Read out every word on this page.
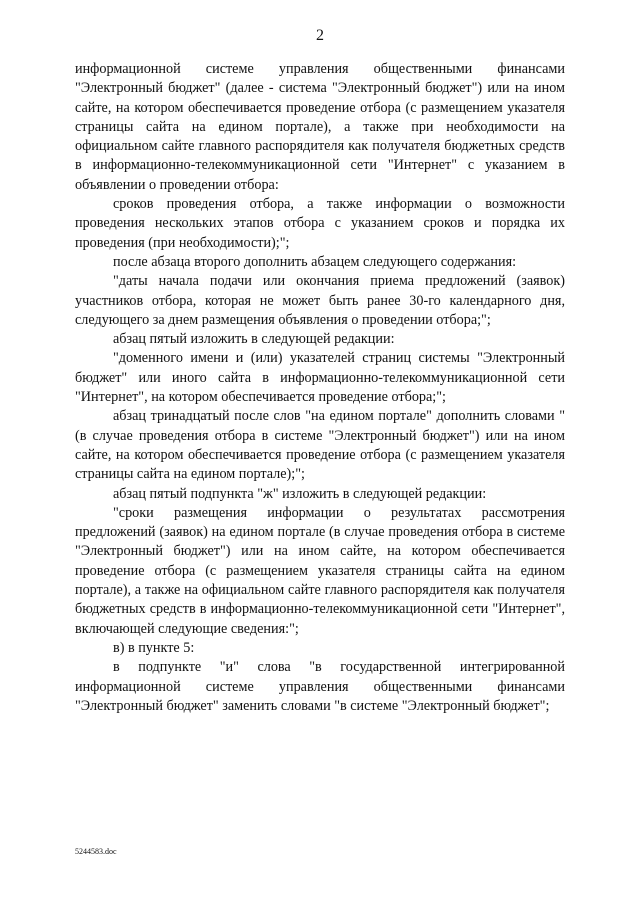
2

информационной системе управления общественными финансами "Электронный бюджет" (далее - система "Электронный бюджет") или на ином сайте, на котором обеспечивается проведение отбора (с размещением указателя страницы сайта на едином портале), а также при необходимости на официальном сайте главного распорядителя как получателя бюджетных средств в информационно-телекоммуникационной сети "Интернет" с указанием в объявлении о проведении отбора:

сроков проведения отбора, а также информации о возможности проведения нескольких этапов отбора с указанием сроков и порядка их проведения (при необходимости);";

после абзаца второго дополнить абзацем следующего содержания:

"даты начала подачи или окончания приема предложений (заявок) участников отбора, которая не может быть ранее 30-го календарного дня, следующего за днем размещения объявления о проведении отбора;";

абзац пятый изложить в следующей редакции:

"доменного имени и (или) указателей страниц системы "Электронный бюджет" или иного сайта в информационно-телекоммуникационной сети "Интернет", на котором обеспечивается проведение отбора;";

абзац тринадцатый после слов "на едином портале" дополнить словами "(в случае проведения отбора в системе "Электронный бюджет") или на ином сайте, на котором обеспечивается проведение отбора (с размещением указателя страницы сайта на едином портале);";

абзац пятый подпункта "ж" изложить в следующей редакции:

"сроки размещения информации о результатах рассмотрения предложений (заявок) на едином портале (в случае проведения отбора в системе "Электронный бюджет") или на ином сайте, на котором обеспечивается проведение отбора (с размещением указателя страницы сайта на едином портале), а также на официальном сайте главного распорядителя как получателя бюджетных средств в информационно-телекоммуникационной сети "Интернет", включающей следующие сведения:";

в) в пункте 5:

в подпункте "и" слова "в государственной интегрированной информационной системе управления общественными финансами "Электронный бюджет" заменить словами "в системе "Электронный бюджет";

5244583.doc
